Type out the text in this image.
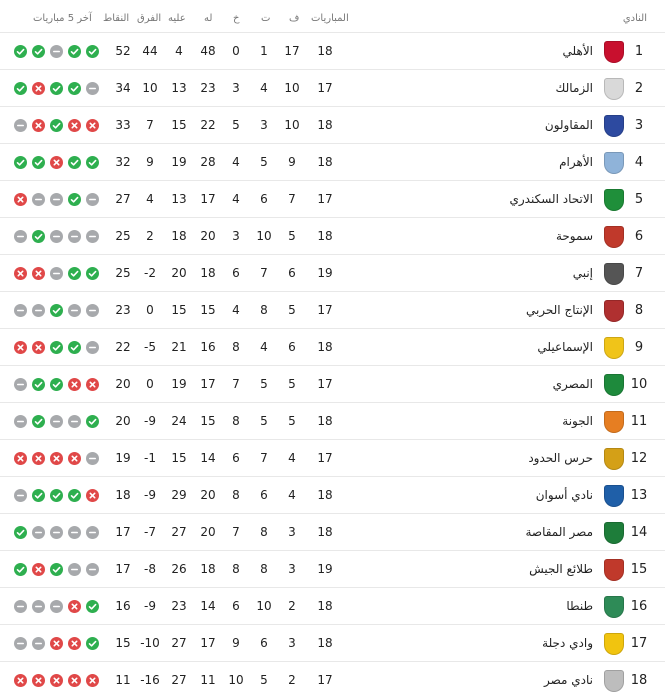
النادي
المباريات
ف
ت
خ
له
عليه
الفرق
النقاط
آخر 5 مباريات
1
الأهلي
18
17
1
0
48
4
44
52
2
الزمالك
17
10
4
3
23
13
10
34
3
المقاولون
18
10
3
5
22
15
7
33
4
الأهرام
18
9
5
4
28
19
9
32
5
الاتحاد السكندري
17
7
6
4
17
13
4
27
6
سموحة
18
5
10
3
20
18
2
25
7
إنبي
19
6
7
6
18
20
-2
25
8
الإنتاج الحربي
17
5
8
4
15
15
0
23
9
الإسماعيلي
18
6
4
8
16
21
-5
22
10
المصري
17
5
5
7
17
19
0
20
11
الجونة
18
5
5
8
15
24
-9
20
12
حرس الحدود
17
4
7
6
14
15
-1
19
13
نادي أسوان
18
4
6
8
20
29
-9
18
14
مصر المقاصة
18
3
8
7
20
27
-7
17
15
طلائع الجيش
19
3
8
8
18
26
-8
17
16
طنطا
18
2
10
6
14
23
-9
16
17
وادي دجلة
18
3
6
9
17
27
-10
15
18
نادي مصر
17
2
5
10
11
27
-16
11
